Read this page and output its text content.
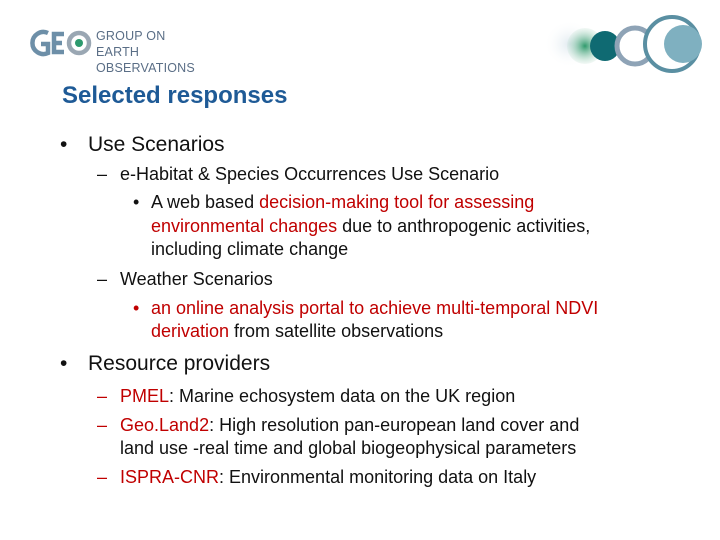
GROUP ON
EARTH OBSERVATIONS
Selected responses
• Use Scenarios
– e-Habitat & Species Occurrences Use Scenario
• A web based decision-making tool for assessing
environmental changes due to anthropogenic activities,
including climate change
– Weather Scenarios
• an online analysis portal to achieve multi-temporal NDVI
derivation from satellite observations
• Resource providers
– PMEL: Marine echosystem data on the UK region
– Geo.Land2: High resolution pan-european land cover and
land use -real time and global biogeophysical parameters
– ISPRA-CNR: Environmental monitoring data on Italy
